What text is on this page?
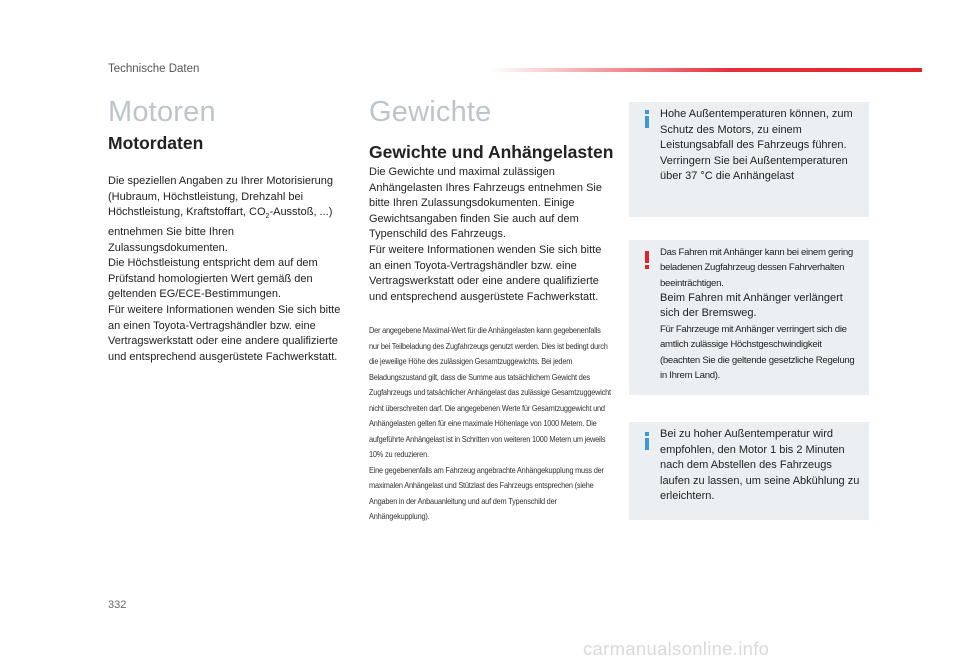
Technische Daten
Motoren
Motordaten

Die speziellen Angaben zu Ihrer Motorisierung (Hubraum, Höchstleistung, Drehzahl bei Höchstleistung, Kraftstoffart, $CO_2$-Ausstoß, ...) entnehmen Sie bitte Ihren Zulassungsdokumenten.

Die Höchstleistung entspricht dem auf dem Prüfstand homologierten Wert gemäß den geltenden EG/ECE-Bestimmungen.

Für weitere Informationen wenden Sie sich bitte an einen Toyota-Vertragshändler bzw. eine Vertragswerkstatt oder eine andere qualifizierte und entsprechend ausgerüstete Fachwerkstatt.

Gewichte
Gewichte und Anhängelasten

Die Gewichte und maximal zulässigen Anhängelasten Ihres Fahrzeugs entnehmen Sie bitte Ihren Zulassungsdokumenten. Einige Gewichtsangaben finden Sie auch auf dem Typenschild des Fahrzeugs.

Für weitere Informationen wenden Sie sich bitte an einen Toyota-Vertragshändler bzw. eine Vertragswerkstatt oder eine andere qualifizierte und entsprechend ausgerüstete Fachwerkstatt.

Der angegebene Maximal-Wert für die Anhängelasten kann gegebenenfalls nur bei Teilbeladung des Zugfahrzeugs genutzt werden. Dies ist bedingt durch die jeweilige Höhe des zulässigen Gesamtzuggewichts. Bei jedem Beladungszustand gilt, dass die Summe aus tatsächlichem Gewicht des Zugfahrzeugs und tatsächlicher Anhängelast das zulässige Gesamtzuggewicht nicht überschreiten darf. Die angegebenen Werte für Gesamtzuggewicht und Anhängelasten gelten für eine maximale Höhenlage von 1000 Metern. Die aufgeführte Anhängelast ist in Schritten von weiteren 1000 Metern um jeweils 10% zu reduzieren.

Eine gegebenenfalls am Fahrzeug angebrachte Anhängekupplung muss der maximalen Anhängelast und Stützlast des Fahrzeugs entsprechen (siehe Angaben in der Anbauanleitung und auf dem Typenschild der Anhängekupplung).

Hohe Außentemperaturen können, zum Schutz des Motors, zu einem Leistungsabfall des Fahrzeugs führen. Verringern Sie bei Außentemperaturen über 37 °C die Anhängelast

Das Fahren mit Anhänger kann bei einem gering beladenen Zugfahrzeug dessen Fahrverhalten beeinträchtigen.

Beim Fahren mit Anhänger verlängert sich der Bremsweg.

Für Fahrzeuge mit Anhänger verringert sich die amtlich zulässige Höchstgeschwindigkeit (beachten Sie die geltende gesetzliche Regelung in Ihrem Land).

Bei zu hoher Außentemperatur wird empfohlen, den Motor 1 bis 2 Minuten nach dem Abstellen des Fahrzeugs laufen zu lassen, um seine Abkühlung zu erleichtern.

332
carmanualsonline.info
